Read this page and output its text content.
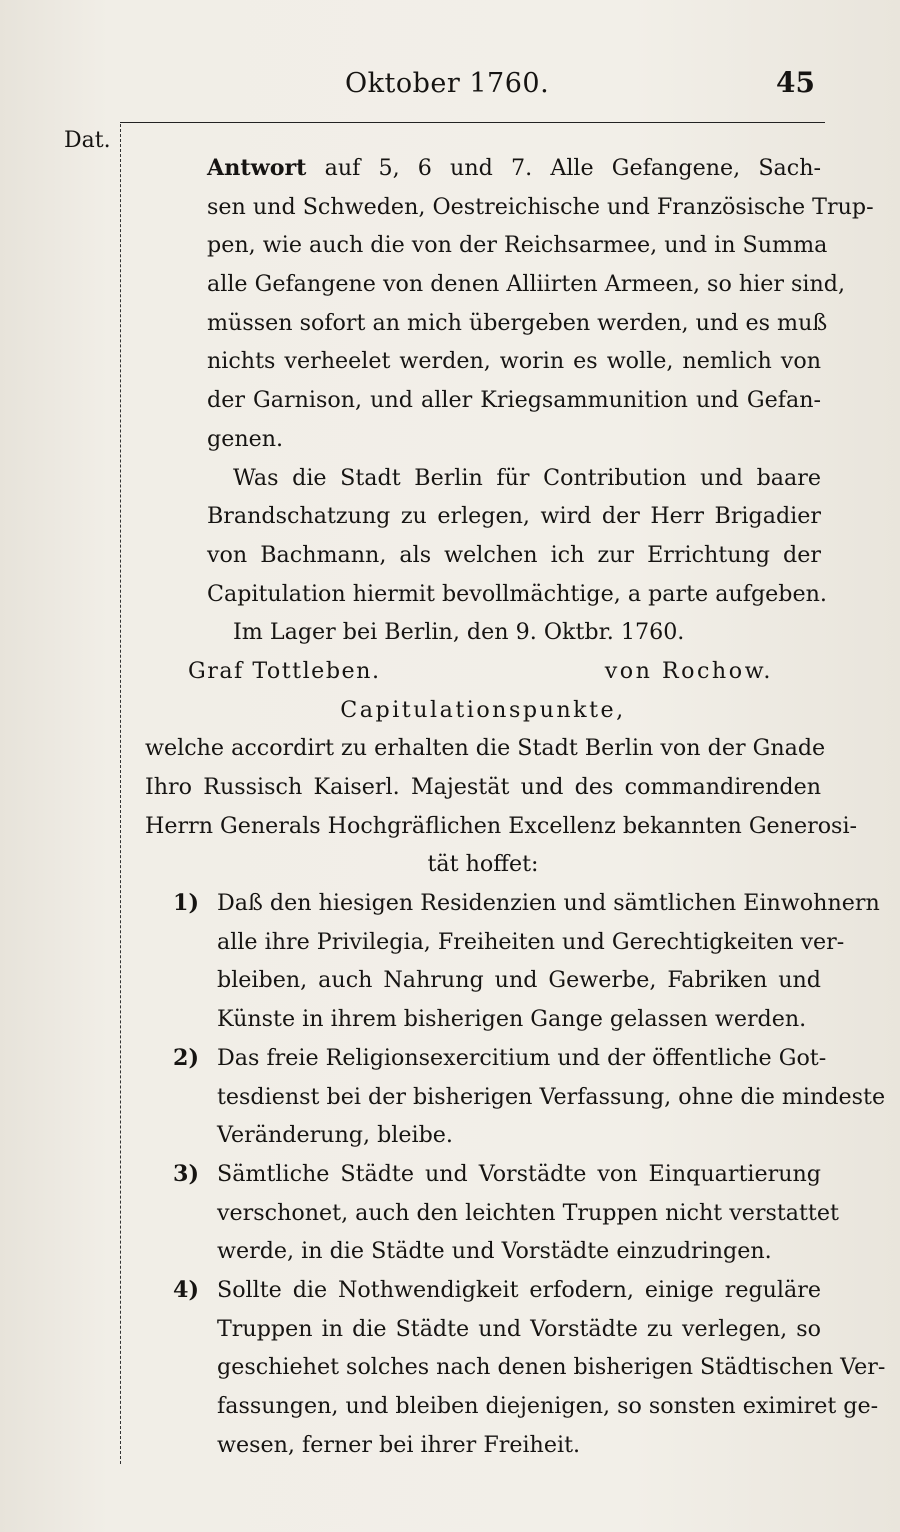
Oktober 1760.	45
Dat.
Antwort auf 5, 6 und 7. Alle Gefangene, Sach-
sen und Schweden, Oestreichische und Französische Trup-
pen, wie auch die von der Reichsarmee, und in Summa
alle Gefangene von denen Alliirten Armeen, so hier sind,
müssen sofort an mich übergeben werden, und es muß
nichts verheelet werden, worin es wolle, nemlich von
der Garnison, und aller Kriegsammunition und Gefan-
genen.
Was die Stadt Berlin für Contribution und baare
Brandschatzung zu erlegen, wird der Herr Brigadier
von Bachmann, als welchen ich zur Errichtung der
Capitulation hiermit bevollmächtige, a parte aufgeben.
Im Lager bei Berlin, den 9. Oktbr. 1760.
Graf Tottleben.	von Rochow.
Capitulationspunkte,
welche accordirt zu erhalten die Stadt Berlin von der Gnade
Ihro Russisch Kaiserl. Majestät und des commandirenden
Herrn Generals Hochgräflichen Excellenz bekannten Generosi-
tät hoffet:
1) Daß den hiesigen Residenzien und sämtlichen Einwohnern
alle ihre Privilegia, Freiheiten und Gerechtigkeiten ver-
bleiben, auch Nahrung und Gewerbe, Fabriken und
Künste in ihrem bisherigen Gange gelassen werden.
2) Das freie Religionsexercitium und der öffentliche Got-
tesdienst bei der bisherigen Verfassung, ohne die mindeste
Veränderung, bleibe.
3) Sämtliche Städte und Vorstädte von Einquartierung
verschonet, auch den leichten Truppen nicht verstattet
werde, in die Städte und Vorstädte einzudringen.
4) Sollte die Nothwendigkeit erfodern, einige reguläre
Truppen in die Städte und Vorstädte zu verlegen, so
geschiehet solches nach denen bisherigen Städtischen Ver-
fassungen, und bleiben diejenigen, so sonsten eximiret ge-
wesen, ferner bei ihrer Freiheit.
